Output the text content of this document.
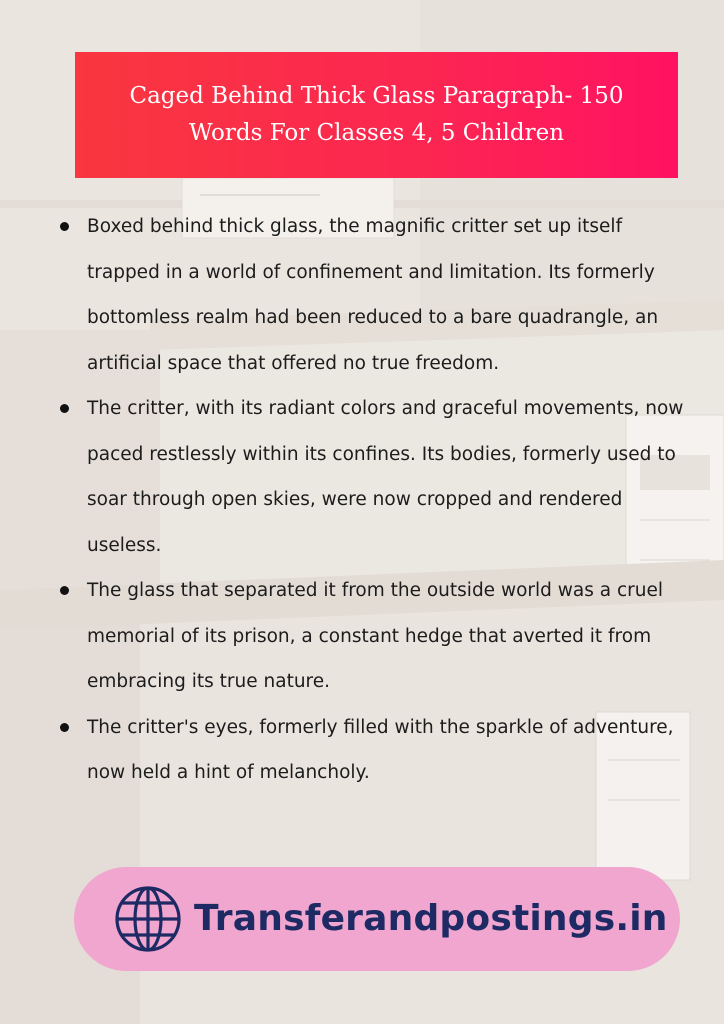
Caged Behind Thick Glass Paragraph- 150 Words For Classes 4, 5 Children
Boxed behind thick glass, the magnific critter set up itself trapped in a world of confinement and limitation. Its formerly bottomless realm had been reduced to a bare quadrangle, an artificial space that offered no true freedom.
The critter, with its radiant colors and graceful movements, now paced restlessly within its confines. Its bodies, formerly used to soar through open skies, were now cropped and rendered useless.
The glass that separated it from the outside world was a cruel memorial of its prison, a constant hedge that averted it from embracing its true nature.
The critter's eyes, formerly filled with the sparkle of adventure, now held a hint of melancholy.
Transferandpostings.in
